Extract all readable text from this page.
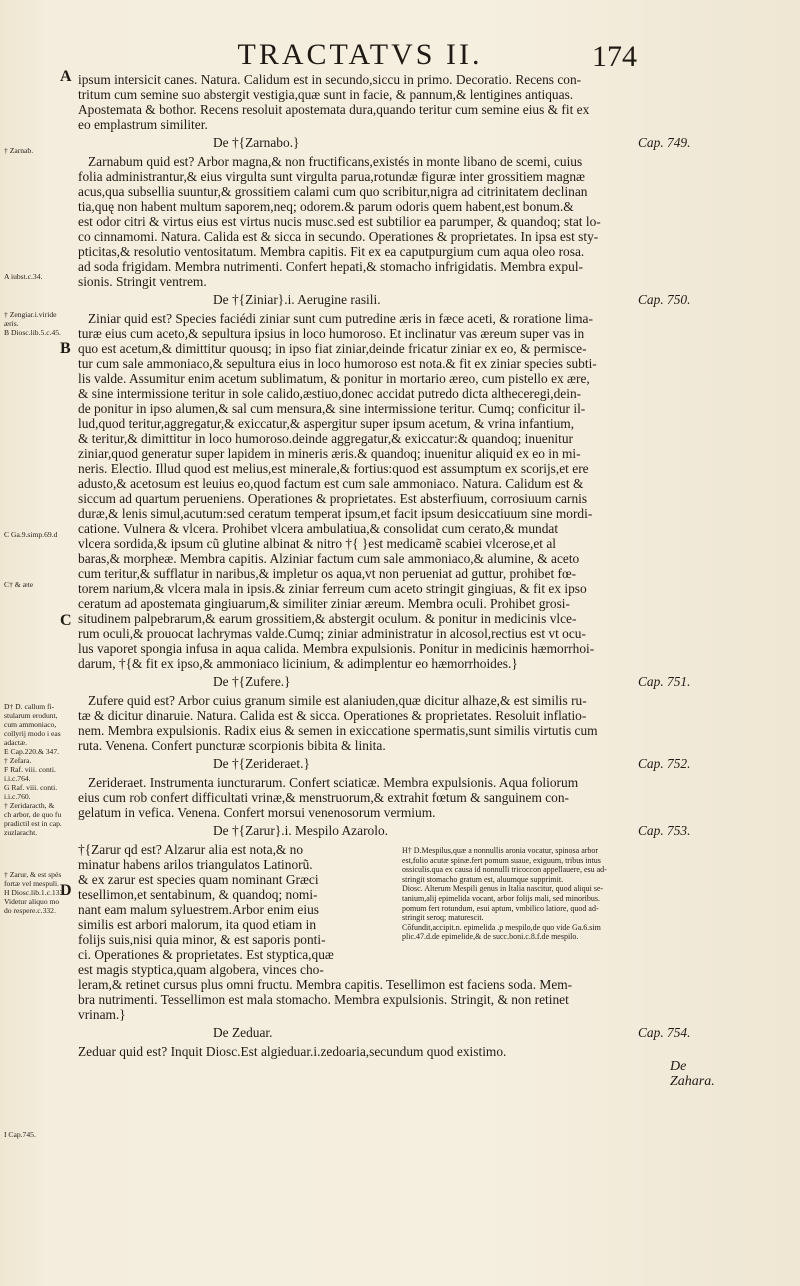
TRACTATVS II.	174
† Zarnab.
A iubst.c.34.
† Zengiar.i.viride
æris.
B Diosc.lib.5.c.45.
C Ga.9.simp.69.d
C† & æte
D† D. callum fi-
stularum erodunt,
cum ammoniaco,
collyrij modo i eas
adactæ.
E Cap.220.& 347.
† Zefara.
F Raf. viii. conti.
i.i.c.764.
G Raf. viii. conti.
i.i.c.760.
† Zeridaracth, &
ch arbor, de quo fu
pradictil est in cap.
zuzlaracht.
† Zarur, & est spés
fortæ vel mespuli.
H Diosc.lib.1.c.133.
Videtur aliquo mo
do respere.c.332.
I Cap.745.
A
B
C
D
ipsum intersicit canes. Natura. Calidum est in secundo,siccu in primo. Decoratio. Recens con-
tritum cum semine suo abstergit vestigia,quæ sunt in facie, & pannum,& lentigines antiquas.
Apostemata & bothor. Recens resoluit apostemata dura,quando teritur cum semine eius & fit ex
eo emplastrum similiter.
De †{Zarnabo.}	Cap. 749.
Zarnabum quid est? Arbor magna,& non fructificans,existés in monte libano de scemi, cuius
folia administrantur,& eius virgulta sunt virgulta parua,rotundæ figuræ inter grossitiem magnæ
acus,qua subsellia suuntur,& grossitiem calami cum quo scribitur,nigra ad citrinitatem declinan
tia,quę non habent multum saporem,neq; odorem.& parum odoris quem habent,est bonum.&
est odor citri & virtus eius est virtus nucis musc.sed est subtilior ea parumper, & quandoq; stat lo-
co cinnamomi. Natura. Calida est & sicca in secundo. Operationes & proprietates. In ipsa est sty-
pticitas,& resolutio ventositatum. Membra capitis. Fit ex ea caputpurgium cum aqua oleo rosa.
ad soda frigidam. Membra nutrimenti. Confert hepati,& stomacho infrigidatis. Membra expul-
sionis. Stringit ventrem.
De †{Ziniar}.i. Aerugine rasili.	Cap. 750.
Ziniar quid est? Species faciédi ziniar sunt cum putredine æris in fæce aceti, & roratione lima-
turæ eius cum aceto,& sepultura ipsius in loco humoroso. Et inclinatur vas æreum super vas in
quo est acetum,& dimittitur quousq; in ipso fiat ziniar,deinde fricatur ziniar ex eo, & permisce-
tur cum sale ammoniaco,& sepultura eius in loco humoroso est nota.& fit ex ziniar species subti-
lis valde. Assumitur enim acetum sublimatum, & ponitur in mortario æreo, cum pistello ex ære,
& sine intermissione teritur in sole calido,æstiuo,donec accidat putredo dicta altheceregi,dein-
de ponitur in ipso alumen,& sal cum mensura,& sine intermissione teritur. Cumq; conficitur il-
lud,quod teritur,aggregatur,& exiccatur,& aspergitur super ipsum acetum, & vrina infantium,
& teritur,& dimittitur in loco humoroso.deinde aggregatur,& exiccatur:& quandoq; inuenitur
ziniar,quod generatur super lapidem in mineris æris.& quandoq; inuenitur aliquid ex eo in mi-
neris. Electio. Illud quod est melius,est minerale,& fortius:quod est assumptum ex scorijs,et ere
adusto,& acetosum est leuius eo,quod factum est cum sale ammoniaco. Natura. Calidum est &
siccum ad quartum perueniens. Operationes & proprietates. Est absterfiuum, corrosiuum carnis
duræ,& lenis simul,acutum:sed ceratum temperat ipsum,et facit ipsum desiccatiuum sine mordi-
catione. Vulnera & vlcera. Prohibet vlcera ambulatiua,& consolidat cum cerato,& mundat
vlcera sordida,& ipsum cũ glutine albinat & nitro †{ }est medicamẽ scabiei vlcerose,et al
baras,& morpheæ. Membra capitis. Alziniar factum cum sale ammoniaco,& alumine, & aceto
cum teritur,& sufflatur in naribus,& impletur os aqua,vt non perueniat ad guttur, prohibet fœ-
torem narium,& vlcera mala in ipsis.& ziniar ferreum cum aceto stringit gingiuas, & fit ex ipso
ceratum ad apostemata gingiuarum,& similiter ziniar æreum. Membra oculi. Prohibet grosi-
situdinem palpebrarum,& earum grossitiem,& abstergit oculum. & ponitur in medicinis vlce-
rum oculi,& prouocat lachrymas valde.Cumq; ziniar administratur in alcosol,rectius est vt ocu-
lus vaporet spongia infusa in aqua calida. Membra expulsionis. Ponitur in medicinis hæmorrhoi-
darum, †{& fit ex ipso,& ammoniaco licinium, & adimplentur eo hæmorrhoides.}
De †{Zufere.}	Cap. 751.
Zufere quid est? Arbor cuius granum simile est alaniuden,quæ dicitur alhaze,& est similis ru-
tæ & dicitur dinaruie. Natura. Calida est & sicca. Operationes & proprietates. Resoluit inflatio-
nem. Membra expulsionis. Radix eius & semen in exiccatione spermatis,sunt similis virtutis cum
ruta. Venena. Confert puncturæ scorpionis bibita & linita.
De †{Zerideraet.}	Cap. 752.
Zerideraet. Instrumenta iuncturarum. Confert sciaticæ. Membra expulsionis. Aqua foliorum
eius cum rob confert difficultati vrinæ,& menstruorum,& extrahit fœtum & sanguinem con-
gelatum in vefica. Venena. Confert morsui venenosorum vermium.
De †{Zarur}.i. Mespilo Azarolo.	Cap. 753.
†{Zarur qd est? Alzarur alia est nota,& no
minatur habens arilos triangulatos Latinorũ.
& ex zarur est species quam nominant Græci
tesellimon,et sentabinum, & quandoq; nomi-
nant eam malum syluestrem.Arbor enim eius
similis est arbori malorum, ita quod etiam in
folijs suis,nisi quia minor, & est saporis ponti-
ci. Operationes & proprietates. Est styptica,quæ
est magis styptica,quam algobera, vinces cho-
H† D.Mespilus,quæ a nonnullis aronia vocatur, spinosa arbor
est,folio acutæ spinæ.fert pomum suaue, exiguum, tribus intus
ossiculis.qua ex causa id nonnulli tricoccon appellauere, esu ad-
stringit stomacho gratum est, aluumque supprimit.
Diosc. Alterum Mespili genus in Italia nascitur, quod aliqui se-
tanium,alij epimelida vocant, arbor folijs mali, sed minoribus.
pomum fert rotundum, esui aptum, vmbilico latiore, quod ad-
stringit seroq; maturescit.
Cõfundit,accipit.n. epimelida .p mespilo,de quo vide Ga.6.sim
plic.47.d.de epimelide,& de succ.boni.c.8.f.de mespilo.
leram,& retinet cursus plus omni fructu. Membra capitis. Tesellimon est faciens soda. Mem-
bra nutrimenti. Tessellimon est mala stomacho. Membra expulsionis. Stringit, & non retinet
vrinam.}
De Zeduar.	Cap. 754.
Zeduar quid est? Inquit Diosc.Est algieduar.i.zedoaria,secundum quod existimo.
De Zahara.
